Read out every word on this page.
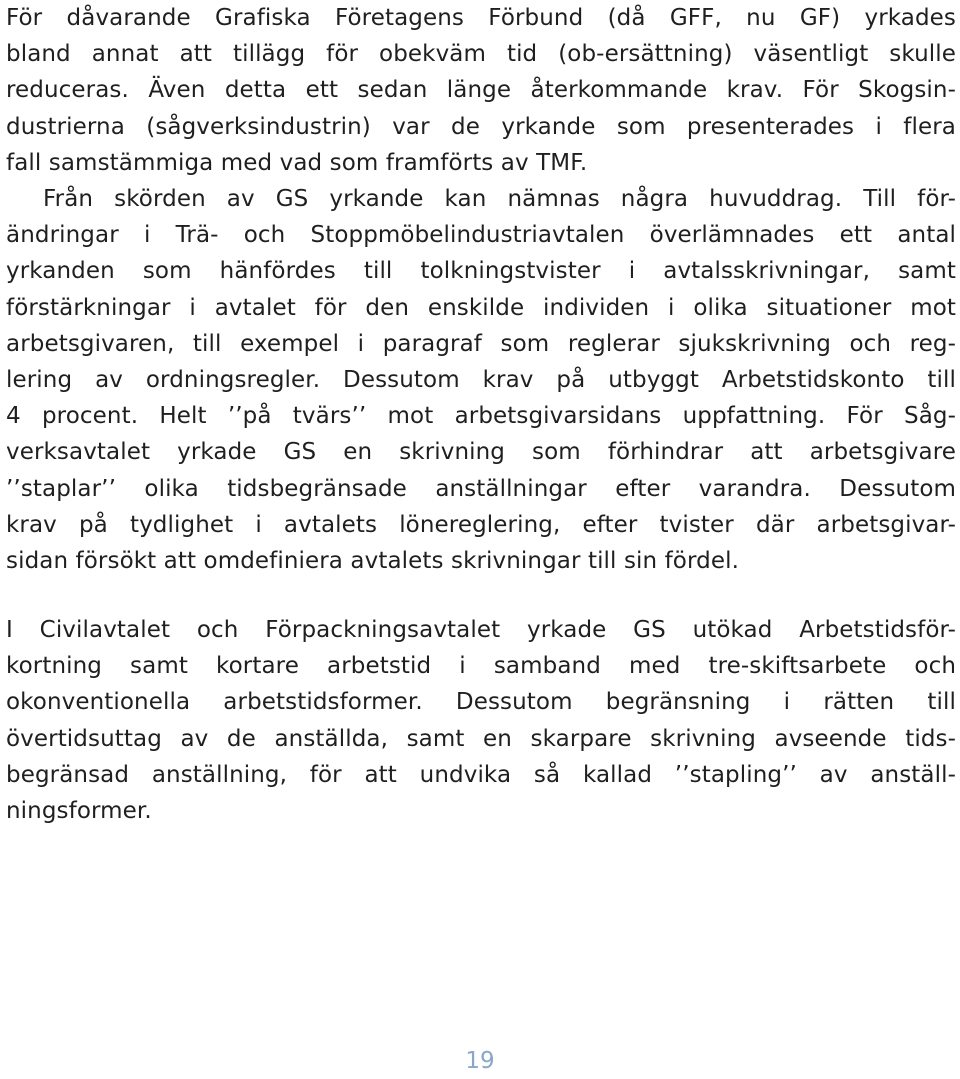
För dåvarande Grafiska Företagens Förbund (då GFF, nu GF) yrkades
bland annat att tillägg för obekväm tid (ob-ersättning) väsentligt skulle
reduceras. Även detta ett sedan länge återkommande krav. För Skogsin-
dustrierna (sågverksindustrin) var de yrkande som presenterades i flera
fall samstämmiga med vad som framförts av TMF.
Från skörden av GS yrkande kan nämnas några huvuddrag. Till för-
ändringar i Trä- och Stoppmöbelindustriavtalen överlämnades ett antal
yrkanden som hänfördes till tolkningstvister i avtalsskrivningar, samt
förstärkningar i avtalet för den enskilde individen i olika situationer mot
arbetsgivaren, till exempel i paragraf som reglerar sjukskrivning och reg-
lering av ordningsregler. Dessutom krav på utbyggt Arbetstidskonto till
4 procent. Helt ’’på tvärs’’ mot arbetsgivarsidans uppfattning. För Såg-
verksavtalet yrkade GS en skrivning som förhindrar att arbetsgivare
’’staplar’’ olika tidsbegränsade anställningar efter varandra. Dessutom
krav på tydlighet i avtalets lönereglering, efter tvister där arbetsgivar-
sidan försökt att omdefiniera avtalets skrivningar till sin fördel.
I Civilavtalet och Förpackningsavtalet yrkade GS utökad Arbetstidsför-
kortning samt kortare arbetstid i samband med tre-skiftsarbete och
okonventionella arbetstidsformer. Dessutom begränsning i rätten till
övertidsuttag av de anställda, samt en skarpare skrivning avseende tids-
begränsad anställning, för att undvika så kallad ’’stapling’’ av anställ-
ningsformer.
19
